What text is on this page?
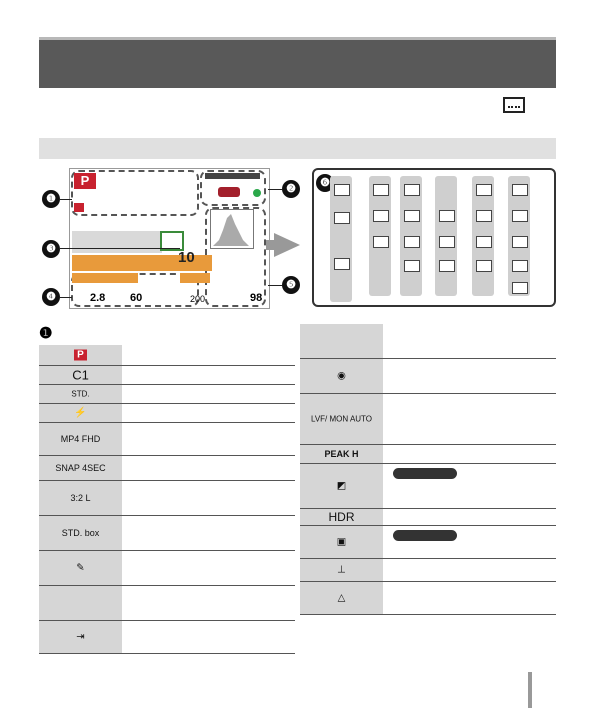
P
10
2.8 60	200	98
❶
❷
❸
❹
❺
❻
❶
P
C1
STD.
⚡
MP4 FHD
SNAP 4SEC
3:2 L
STD. box
✎
⇥
◉
LVF/ MON AUTO
PEAK H
◩
HDR
▣
⊥
△
